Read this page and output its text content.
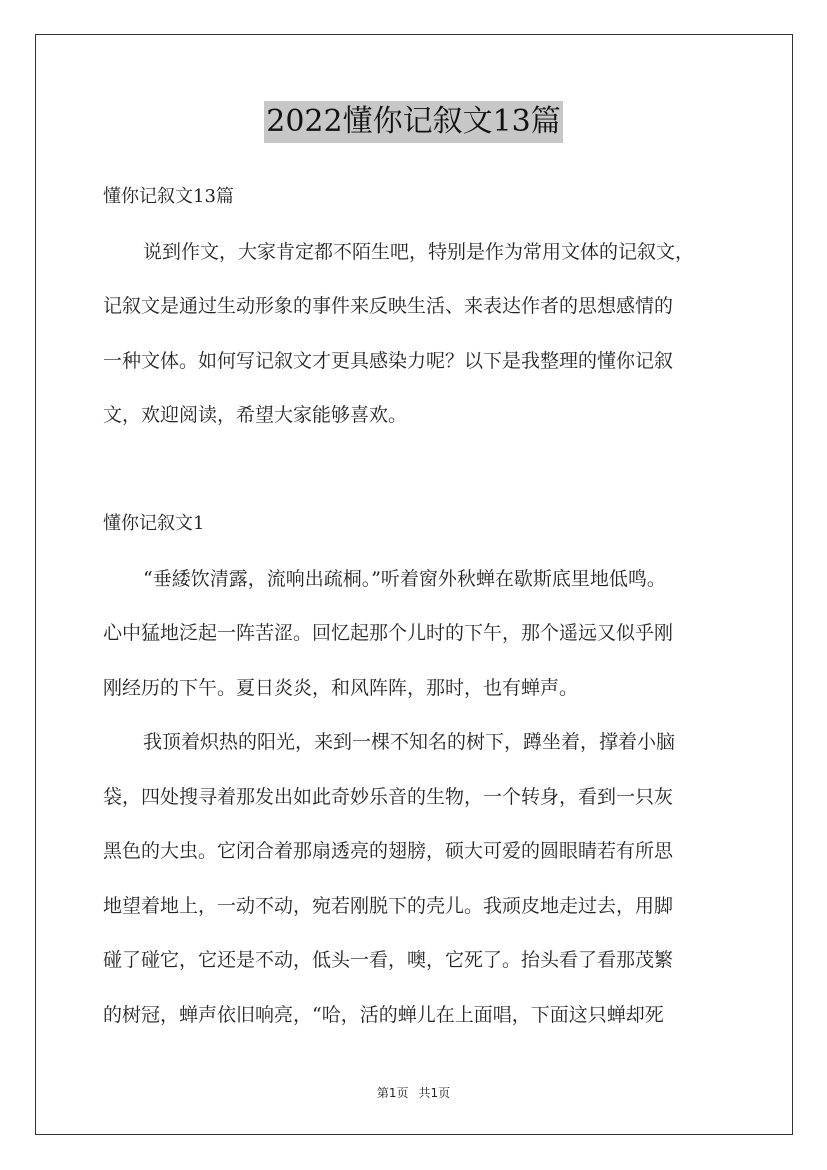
2022懂你记叙文13篇
懂你记叙文13篇
说到作文，大家肯定都不陌生吧，特别是作为常用文体的记叙文，
记叙文是通过生动形象的事件来反映生活、来表达作者的思想感情的
一种文体。如何写记叙文才更具感染力呢？以下是我整理的懂你记叙
文，欢迎阅读，希望大家能够喜欢。
懂你记叙文1
“垂緌饮清露，流响出疏桐。”听着窗外秋蝉在歇斯底里地低鸣。
心中猛地泛起一阵苦涩。回忆起那个儿时的下午，那个遥远又似乎刚
刚经历的下午。夏日炎炎，和风阵阵，那时，也有蝉声。
我顶着炽热的阳光，来到一棵不知名的树下，蹲坐着，撑着小脑
袋，四处搜寻着那发出如此奇妙乐音的生物，一个转身，看到一只灰
黑色的大虫。它闭合着那扇透亮的翅膀，硕大可爱的圆眼睛若有所思
地望着地上，一动不动，宛若刚脱下的壳儿。我顽皮地走过去，用脚
碰了碰它，它还是不动，低头一看，噢，它死了。抬头看了看那茂繁
的树冠，蝉声依旧响亮，“哈，活的蝉儿在上面唱，下面这只蝉却死
第1页 共1页
